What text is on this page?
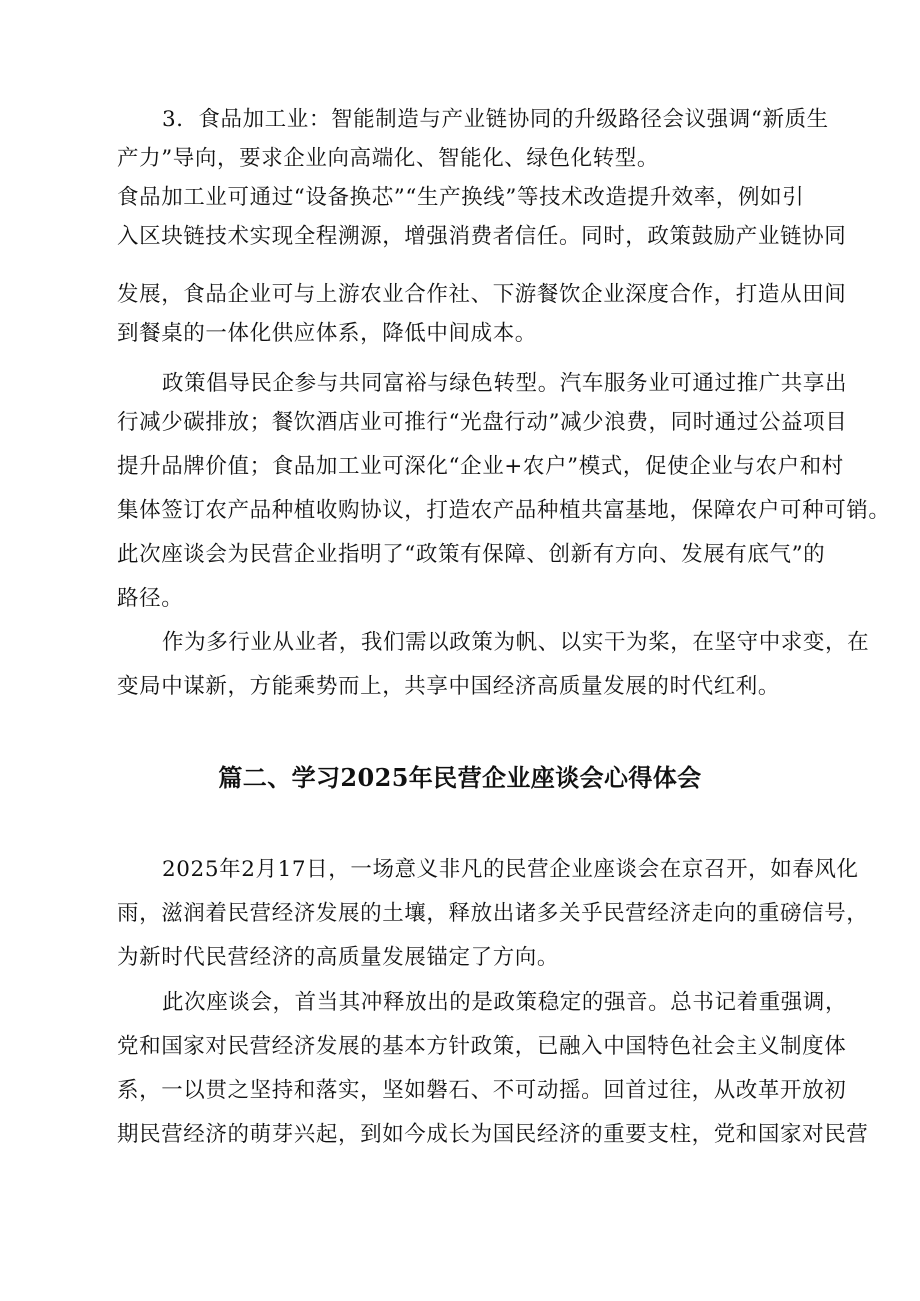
3．食品加工业：智能制造与产业链协同的升级路径会议强调“新质生
产力”导向，要求企业向高端化、智能化、绿色化转型。
食品加工业可通过“设备换芯”“生产换线”等技术改造提升效率，例如引
入区块链技术实现全程溯源，增强消费者信任。同时，政策鼓励产业链协同
发展，食品企业可与上游农业合作社、下游餐饮企业深度合作，打造从田间
到餐桌的一体化供应体系，降低中间成本。
政策倡导民企参与共同富裕与绿色转型。汽车服务业可通过推广共享出
行减少碳排放；餐饮酒店业可推行“光盘行动”减少浪费，同时通过公益项目
提升品牌价值；食品加工业可深化“企业+农户”模式，促使企业与农户和村
集体签订农产品种植收购协议，打造农产品种植共富基地，保障农户可种可销。
此次座谈会为民营企业指明了“政策有保障、创新有方向、发展有底气”的
路径。
作为多行业从业者，我们需以政策为帆、以实干为桨，在坚守中求变，在
变局中谋新，方能乘势而上，共享中国经济高质量发展的时代红利。
篇二、学习2025年民营企业座谈会心得体会
2025年2月17日，一场意义非凡的民营企业座谈会在京召开，如春风化
雨，滋润着民营经济发展的土壤，释放出诸多关乎民营经济走向的重磅信号，
为新时代民营经济的高质量发展锚定了方向。
此次座谈会，首当其冲释放出的是政策稳定的强音。总书记着重强调，
党和国家对民营经济发展的基本方针政策，已融入中国特色社会主义制度体
系，一以贯之坚持和落实，坚如磐石、不可动摇。回首过往，从改革开放初
期民营经济的萌芽兴起，到如今成长为国民经济的重要支柱，党和国家对民营
